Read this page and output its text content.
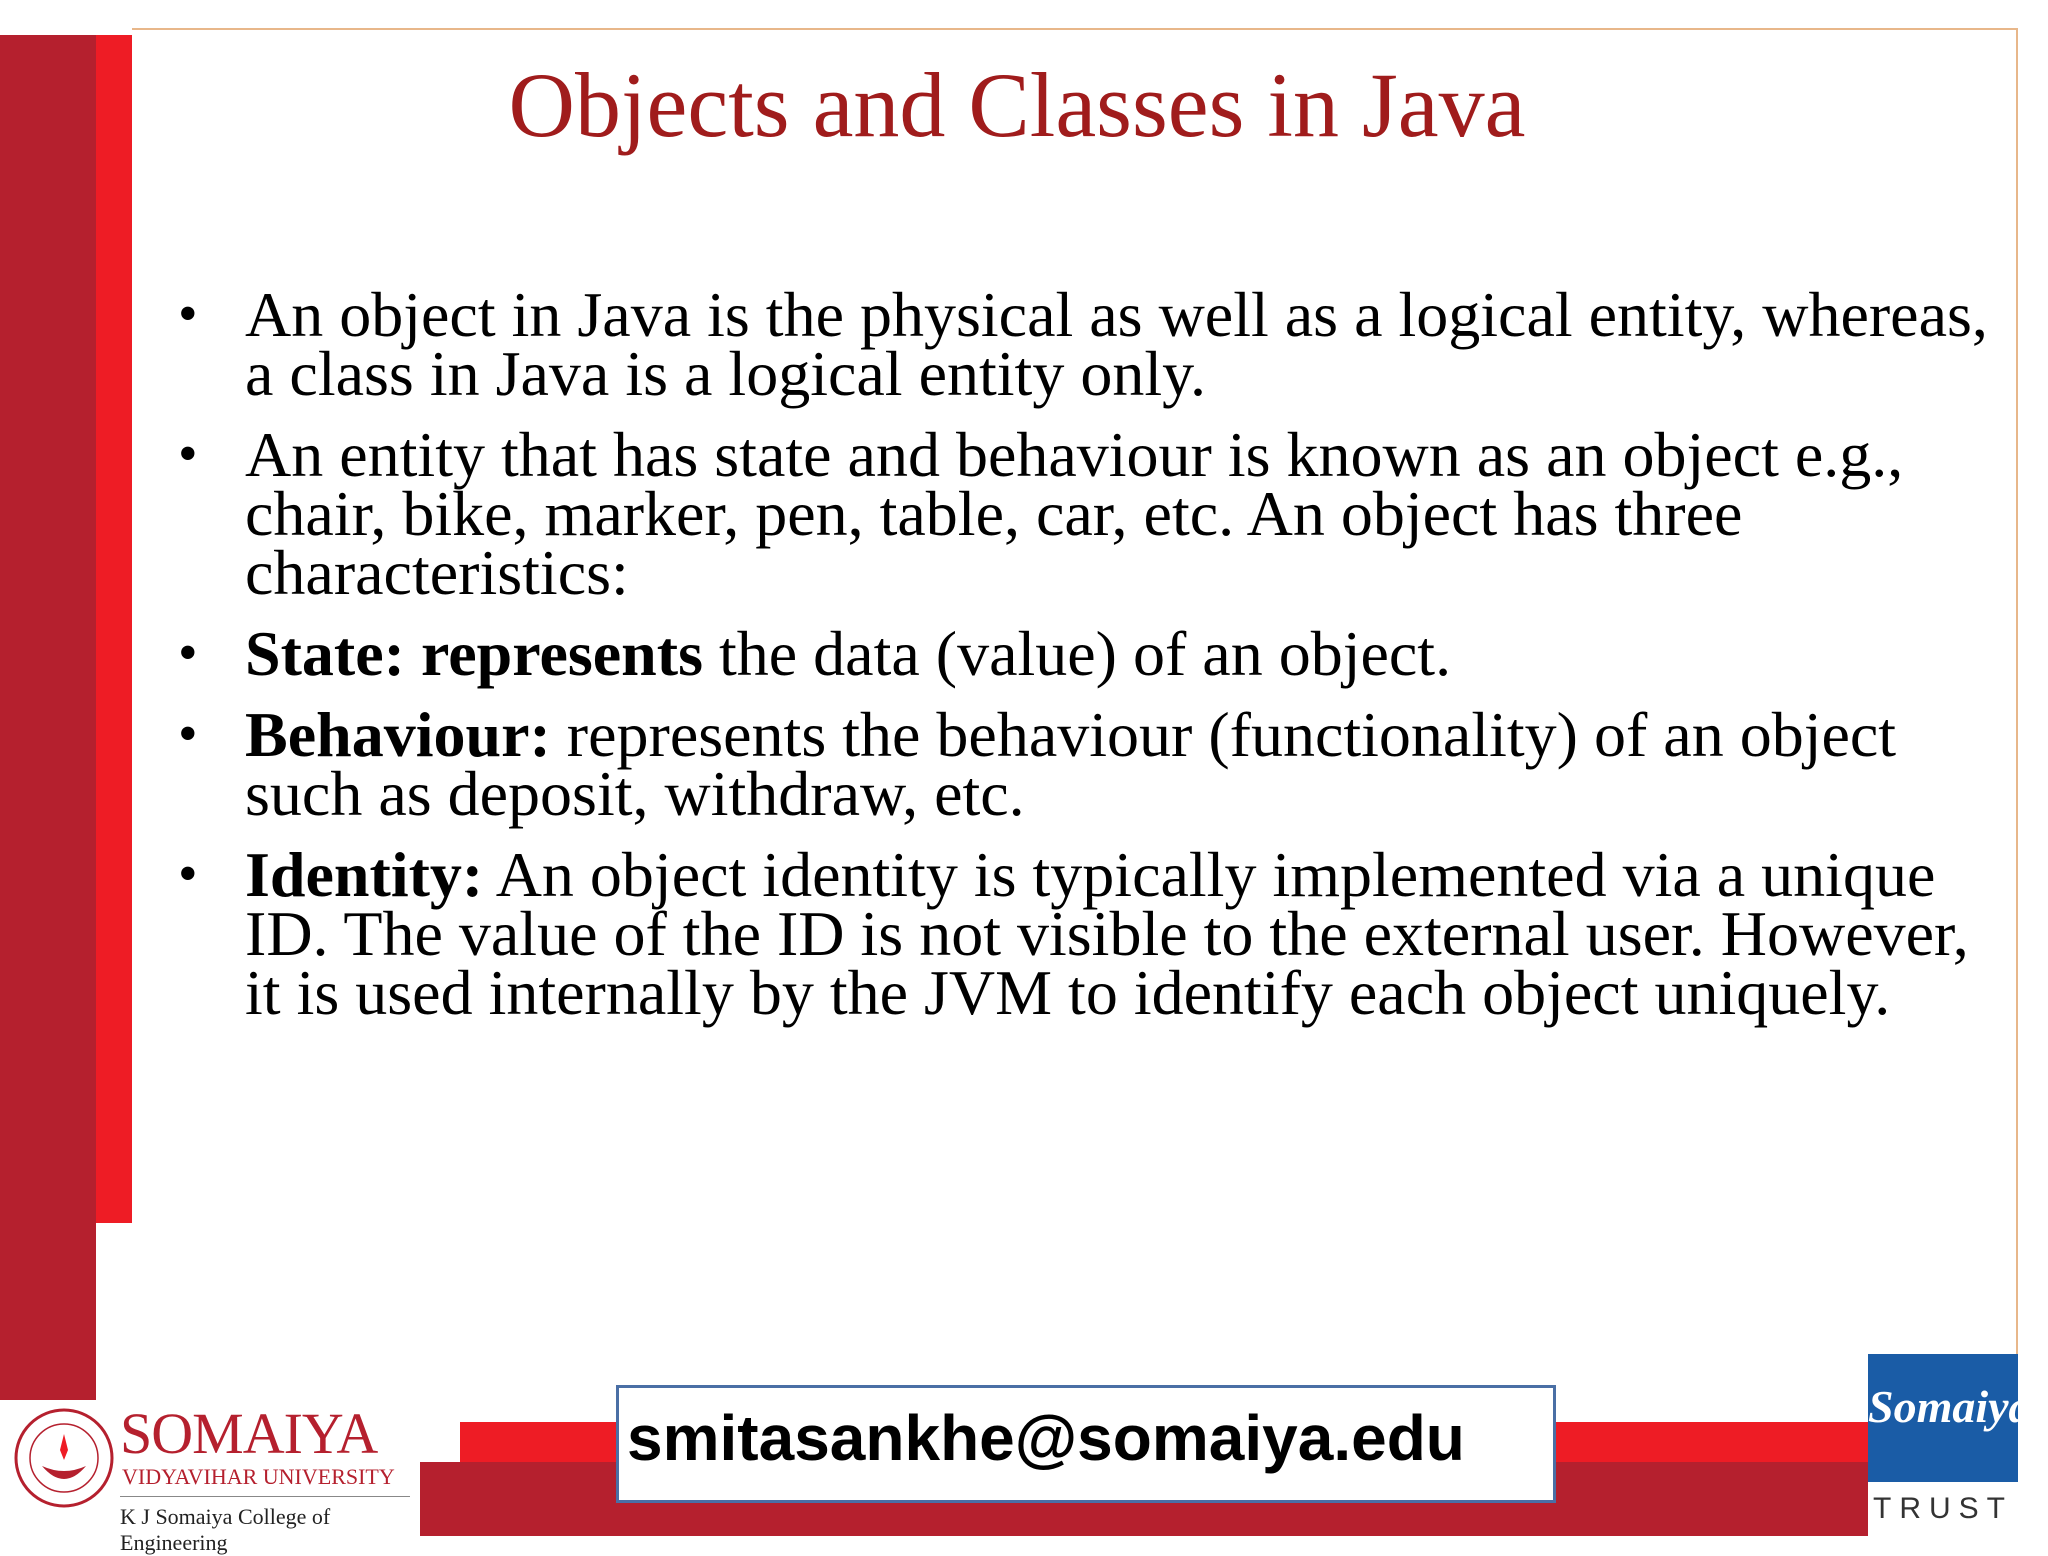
Objects and Classes in Java
• An object in Java is the physical as well as a logical entity, whereas, a class in Java is a logical entity only.
• An entity that has state and behaviour is known as an object e.g., chair, bike, marker, pen, table, car, etc. An object has three characteristics:
• State: represents the data (value) of an object.
• Behaviour: represents the behaviour (functionality) of an object such as deposit, withdraw, etc.
• Identity: An object identity is typically implemented via a unique ID. The value of the ID is not visible to the external user. However, it is used internally by the JVM to identify each object uniquely.
smitasankhe@somaiya.edu
SOMAIYA
VIDYAVIHAR UNIVERSITY
K J Somaiya College of Engineering
Somaiya
TRUST
